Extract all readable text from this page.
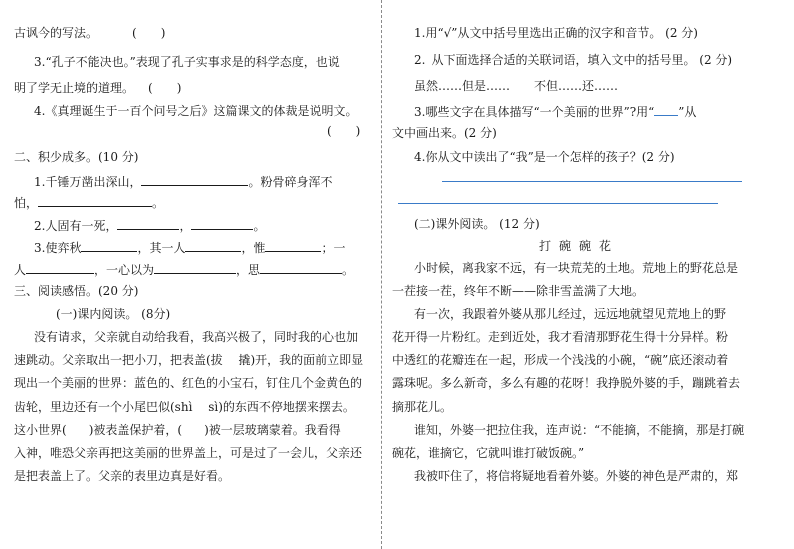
古讽今的写法。	(　　)
3.“孔子不能决也。”表现了孔子实事求是的科学态度，也说
明了学无止境的道理。 (　　)
4.《真理诞生于一百个问号之后》这篇课文的体裁是说明文。
(　　)
二、积少成多。(10 分)
1.千锤万凿出深山，	。粉骨碎身浑不
怕，	。
2.人固有一死，	，	。
3.使弈秋	，其一人	，惟	；一
人	，一心以为	，思	。
三、阅读感悟。(20 分)
(一)课内阅读。 (8分)
没有请求，父亲就自动给我看，我高兴极了，同时我的心也加
速跳动。父亲取出一把小刀，把表盖(拔　 撬)开，我的面前立即显
现出一个美丽的世界：蓝色的、红色的小宝石，钉住几个金黄色的
齿轮，里边还有一个小尾巴似(shì　 sì)的东西不停地摆来摆去。
这小世界( )被表盖保护着，( )被一层玻璃蒙着。我看得
入神，唯恐父亲再把这美丽的世界盖上，可是过了一会儿，父亲还
是把表盖上了。父亲的表里边真是好看。
1.用“√”从文中括号里选出正确的汉字和音节。 (2 分)
2. 从下面选择合适的关联词语，填入文中的括号里。 (2 分)
虽然……但是……　　不但……还……
3.哪些文字在具体描写“一个美丽的世界”?用“ ”从
文中画出来。(2 分)
4.你从文中读出了“我”是一个怎样的孩子？(2 分)
(二)课外阅读。 (12 分)
打碗碗花
小时候，离我家不远，有一块荒芜的土地。荒地上的野花总是
一茬接一茬，终年不断——除非雪盖满了大地。
有一次，我跟着外婆从那儿经过，远远地就望见荒地上的野
花开得一片粉红。走到近处，我才看清那野花生得十分异样。粉
中透红的花瓣连在一起，形成一个浅浅的小碗，“碗”底还滚动着
露珠呢。多么新奇，多么有趣的花呀！我挣脱外婆的手，蹦跳着去
摘那花儿。
谁知，外婆一把拉住我，连声说：“不能摘，不能摘，那是打碗
碗花，谁摘它，它就叫谁打破饭碗。”
我被吓住了，将信将疑地看着外婆。外婆的神色是严肃的，郑
